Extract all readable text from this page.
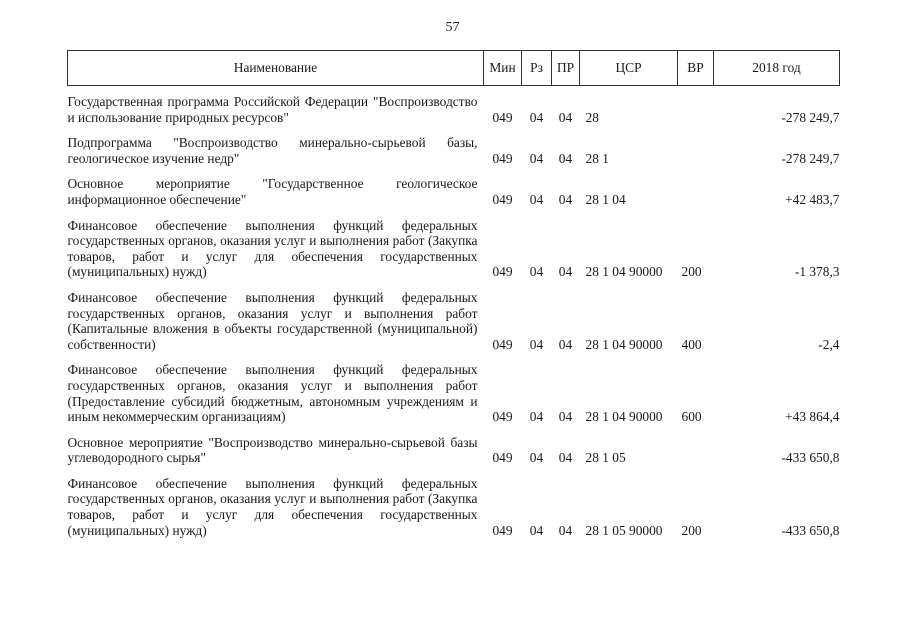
57
Наименование	Мин	Рз	ПР	ЦСР	ВР	2018 год
Государственная программа Российской Федерации "Воспроизводство и использование природных ресурсов"	049	04	04	28		-278 249,7
Подпрограмма "Воспроизводство минерально-сырьевой базы, геологическое изучение недр"	049	04	04	28 1		-278 249,7
Основное мероприятие "Государственное геологическое информационное обеспечение"	049	04	04	28 1 04		+42 483,7
Финансовое обеспечение выполнения функций федеральных государственных органов, оказания услуг и выполнения работ (Закупка товаров, работ и услуг для обеспечения государственных (муниципальных) нужд)	049	04	04	28 1 04 90000	200	-1 378,3
Финансовое обеспечение выполнения функций федеральных государственных органов, оказания услуг и выполнения работ (Капитальные вложения в объекты государственной (муниципальной) собственности)	049	04	04	28 1 04 90000	400	-2,4
Финансовое обеспечение выполнения функций федеральных государственных органов, оказания услуг и выполнения работ (Предоставление субсидий бюджетным, автономным учреждениям и иным некоммерческим организациям)	049	04	04	28 1 04 90000	600	+43 864,4
Основное мероприятие "Воспроизводство минерально-сырьевой базы углеводородного сырья"	049	04	04	28 1 05		-433 650,8
Финансовое обеспечение выполнения функций федеральных государственных органов, оказания услуг и выполнения работ (Закупка товаров, работ и услуг для обеспечения государственных (муниципальных) нужд)	049	04	04	28 1 05 90000	200	-433 650,8
